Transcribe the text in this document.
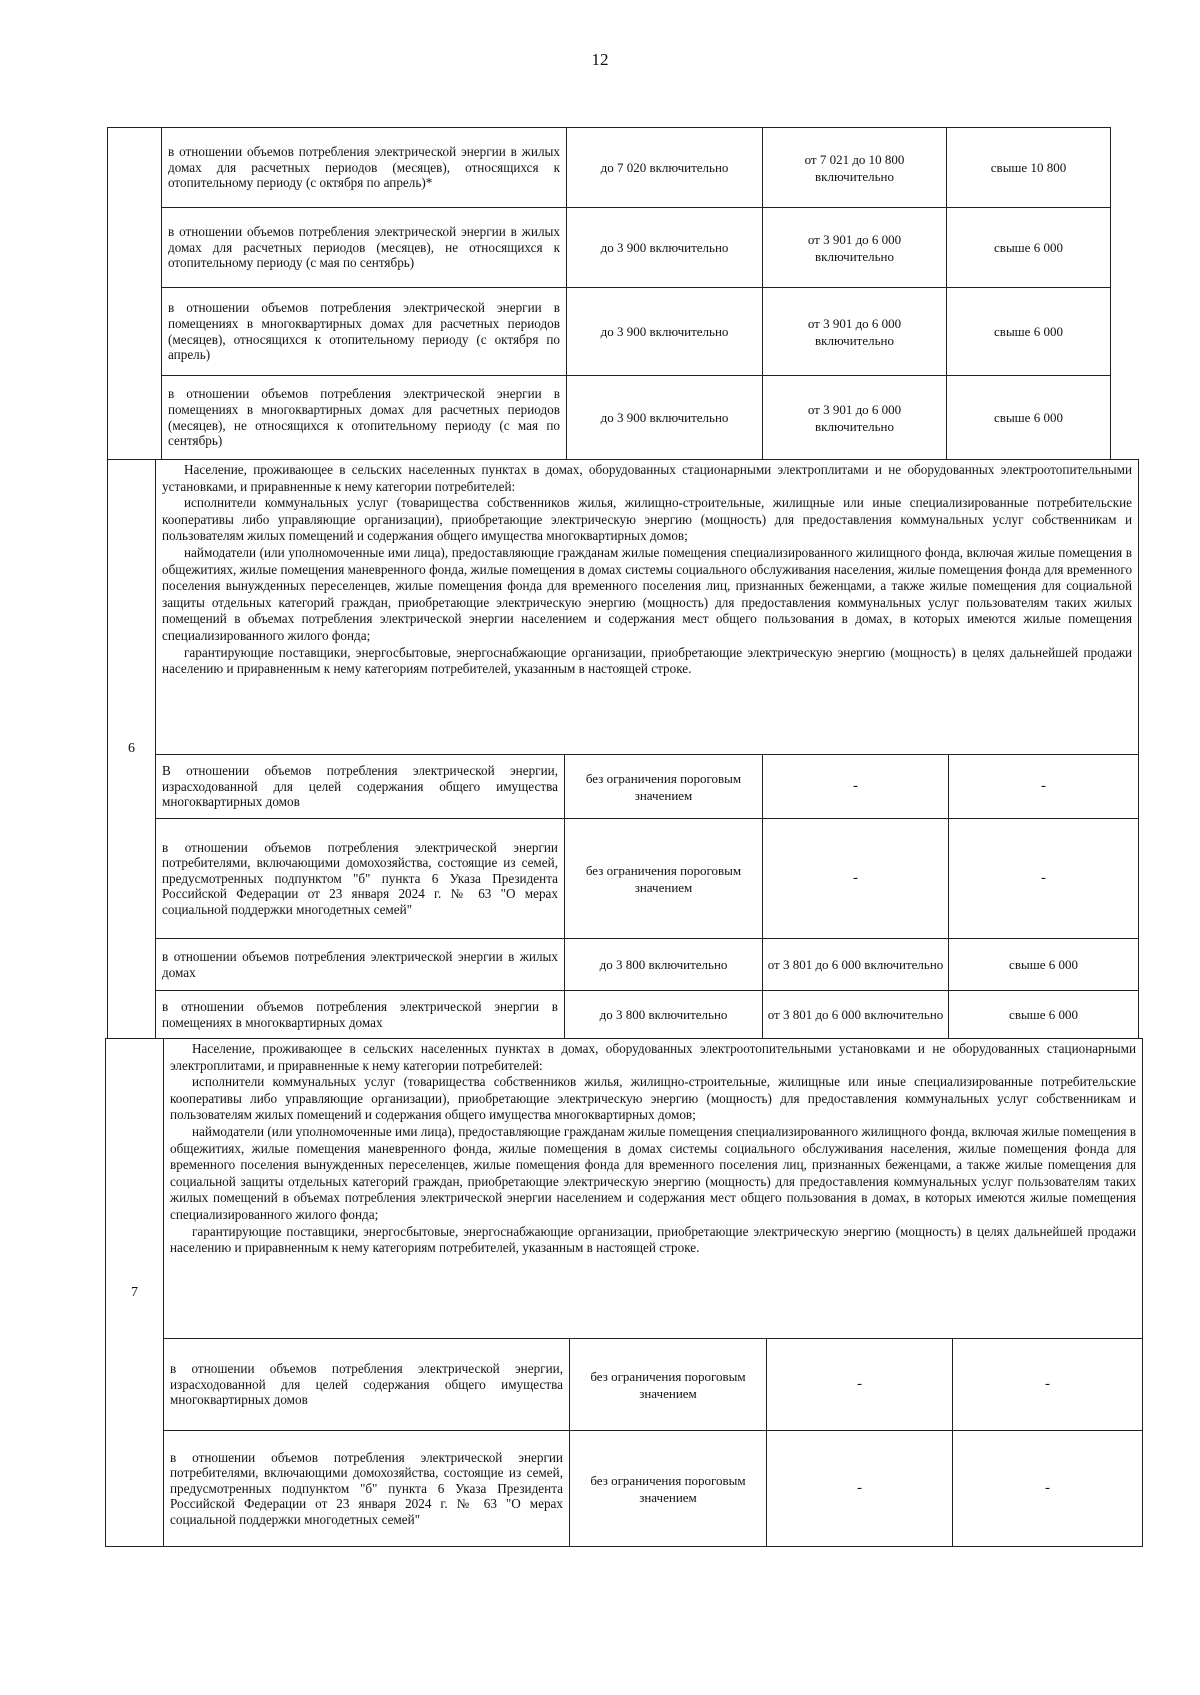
12
	в отношении объемов потребления электрической энергии в жилых домах для расчетных периодов (месяцев), относящихся к отопительному периоду (с октября по апрель)*	до 7 020 включительно	от 7 021 до 10 800 включительно	свыше 10 800
	в отношении объемов потребления электрической энергии в жилых домах для расчетных периодов (месяцев), не относящихся к отопительному периоду (с мая по сентябрь)	до 3 900 включительно	от 3 901 до 6 000 включительно	свыше 6 000
	в отношении объемов потребления электрической энергии в помещениях в многоквартирных домах для расчетных периодов (месяцев), относящихся к отопительному периоду (с октября по апрель)	до 3 900 включительно	от 3 901 до 6 000 включительно	свыше 6 000
	в отношении объемов потребления электрической энергии в помещениях в многоквартирных домах для расчетных периодов (месяцев), не относящихся к отопительному периоду (с мая по сентябрь)	до 3 900 включительно	от 3 901 до 6 000 включительно	свыше 6 000
6	Население, проживающее в сельских населенных пунктах в домах, оборудованных стационарными электроплитами и не оборудованных электроотопительными установками, и приравненные к нему категории потребителей:

исполнители коммунальных услуг (товарищества собственников жилья, жилищно-строительные, жилищные или иные специализированные потребительские кооперативы либо управляющие организации), приобретающие электрическую энергию (мощность) для предоставления коммунальных услуг собственникам и пользователям жилых помещений и содержания общего имущества многоквартирных домов;

наймодатели (или уполномоченные ими лица), предоставляющие гражданам жилые помещения специализированного жилищного фонда, включая жилые помещения в общежитиях, жилые помещения маневренного фонда, жилые помещения в домах системы социального обслуживания населения, жилые помещения фонда для временного поселения вынужденных переселенцев, жилые помещения фонда для временного поселения лиц, признанных беженцами, а также жилые помещения для социальной защиты отдельных категорий граждан, приобретающие электрическую энергию (мощность) для предоставления коммунальных услуг пользователям таких жилых помещений в объемах потребления электрической энергии населением и содержания мест общего пользования в домах, в которых имеются жилые помещения специализированного жилого фонда;

гарантирующие поставщики, энергосбытовые, энергоснабжающие организации, приобретающие электрическую энергию (мощность) в целях дальнейшей продажи населению и приравненным к нему категориям потребителей, указанным в настоящей строке.			

	В отношении объемов потребления электрической энергии, израсходованной для целей содержания общего имущества многоквартирных домов	без ограничения пороговым значением	-	-
	в отношении объемов потребления электрической энергии потребителями, включающими домохозяйства, состоящие из семей, предусмотренных подпунктом "б" пункта 6 Указа Президента Российской Федерации от 23 января 2024 г. № 63 "О мерах социальной поддержки многодетных семей"	без ограничения пороговым значением	-	-
	в отношении объемов потребления электрической энергии в жилых домах	до 3 800 включительно	от 3 801 до 6 000 включительно	свыше 6 000
	в отношении объемов потребления электрической энергии в помещениях в многоквартирных домах	до 3 800 включительно	от 3 801 до 6 000 включительно	свыше 6 000
7	Население, проживающее в сельских населенных пунктах в домах, оборудованных электроотопительными установками и не оборудованных стационарными электроплитами, и приравненные к нему категории потребителей:

исполнители коммунальных услуг (товарищества собственников жилья, жилищно-строительные, жилищные или иные специализированные потребительские кооперативы либо управляющие организации), приобретающие электрическую энергию (мощность) для предоставления коммунальных услуг собственникам и пользователям жилых помещений и содержания общего имущества многоквартирных домов;

наймодатели (или уполномоченные ими лица), предоставляющие гражданам жилые помещения специализированного жилищного фонда, включая жилые помещения в общежитиях, жилые помещения маневренного фонда, жилые помещения в домах системы социального обслуживания населения, жилые помещения фонда для временного поселения вынужденных переселенцев, жилые помещения фонда для временного поселения лиц, признанных беженцами, а также жилые помещения для социальной защиты отдельных категорий граждан, приобретающие электрическую энергию (мощность) для предоставления коммунальных услуг пользователям таких жилых помещений в объемах потребления электрической энергии населением и содержания мест общего пользования в домах, в которых имеются жилые помещения специализированного жилого фонда;

гарантирующие поставщики, энергосбытовые, энергоснабжающие организации, приобретающие электрическую энергию (мощность) в целях дальнейшей продажи населению и приравненным к нему категориям потребителей, указанным в настоящей строке.			

	в отношении объемов потребления электрической энергии, израсходованной для целей содержания общего имущества многоквартирных домов	без ограничения пороговым значением	-	-
	в отношении объемов потребления электрической энергии потребителями, включающими домохозяйства, состоящие из семей, предусмотренных подпунктом "б" пункта 6 Указа Президента Российской Федерации от 23 января 2024 г. № 63 "О мерах социальной поддержки многодетных семей"	без ограничения пороговым значением	-	-
